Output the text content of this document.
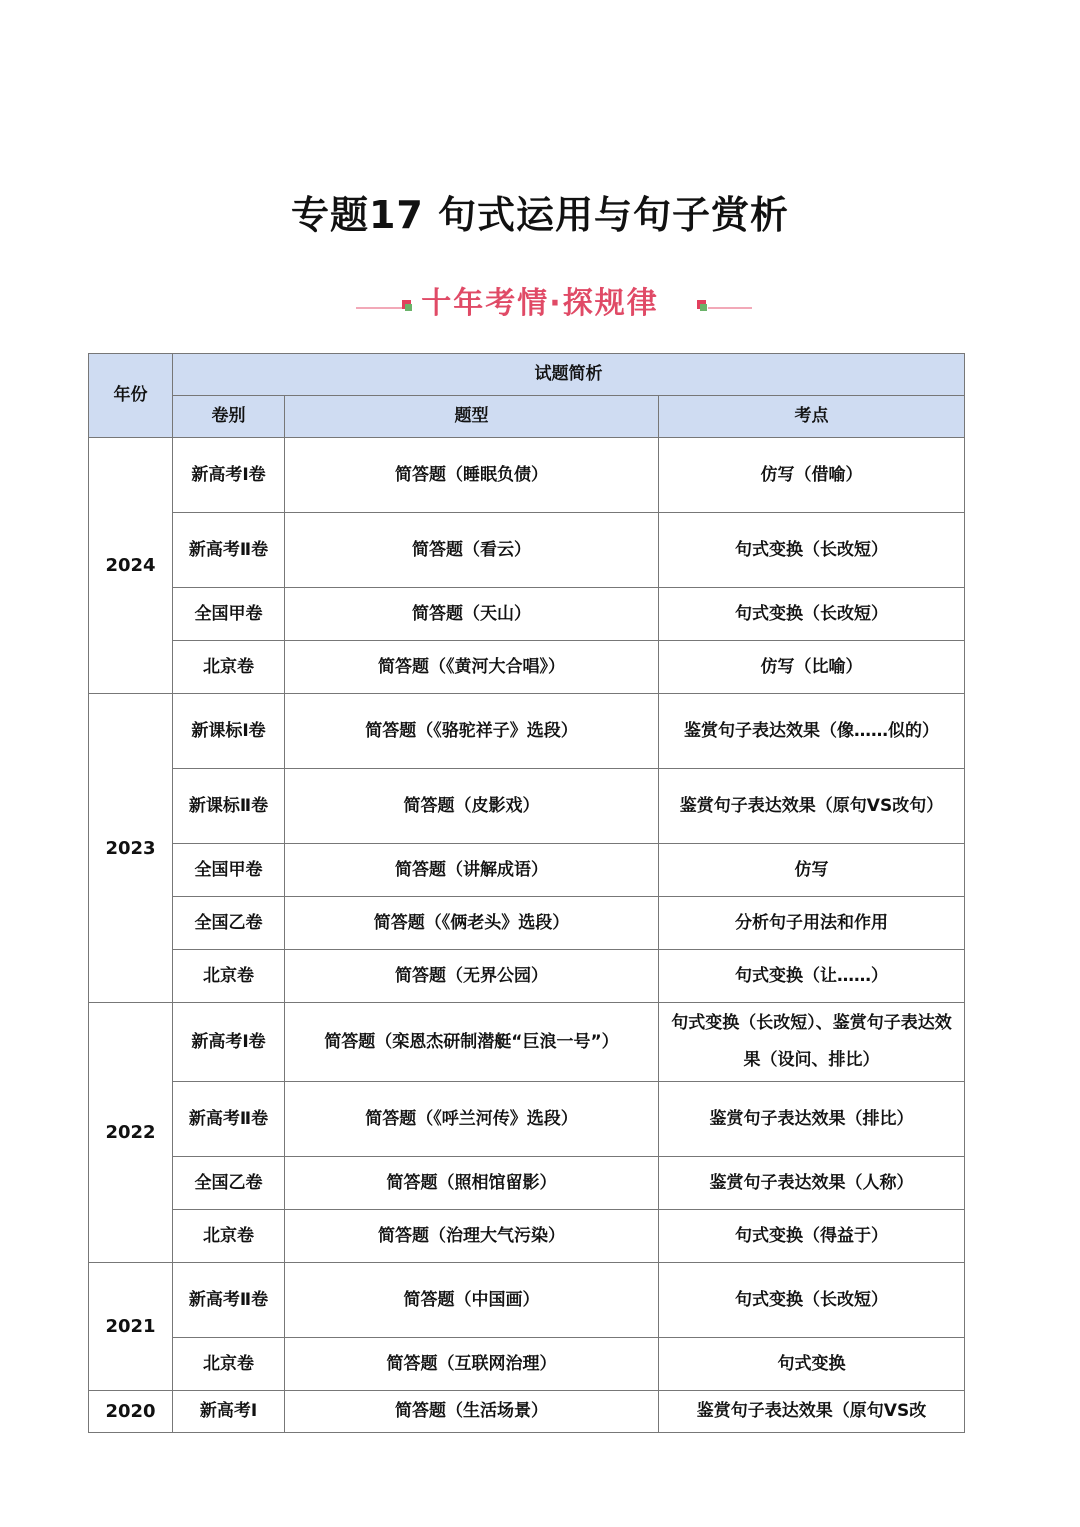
专题17 句式运用与句子赏析
十年考情·探规律
年份	试题简析		
	卷别	题型	考点
2024	新高考Ⅰ卷	简答题（睡眠负债）	仿写（借喻）
	新高考Ⅱ卷	简答题（看云）	句式变换（长改短）
	全国甲卷	简答题（天山）	句式变换（长改短）
	北京卷	简答题（《黄河大合唱》）	仿写（比喻）
2023	新课标Ⅰ卷	简答题（《骆驼祥子》选段）	鉴赏句子表达效果（像……似的）
	新课标Ⅱ卷	简答题（皮影戏）	鉴赏句子表达效果（原句VS改句）
	全国甲卷	简答题（讲解成语）	仿写
	全国乙卷	简答题（《俩老头》选段）	分析句子用法和作用
	北京卷	简答题（无界公园）	句式变换（让……）
2022	新高考Ⅰ卷	简答题（栾恩杰研制潜艇“巨浪一号”）	句式变换（长改短）、鉴赏句子表达效果（设问、排比）
	新高考Ⅱ卷	简答题（《呼兰河传》选段）	鉴赏句子表达效果（排比）
	全国乙卷	简答题（照相馆留影）	鉴赏句子表达效果（人称）
	北京卷	简答题（治理大气污染）	句式变换（得益于）
2021	新高考Ⅱ卷	简答题（中国画）	句式变换（长改短）
	北京卷	简答题（互联网治理）	句式变换
2020	新高考Ⅰ	简答题（生活场景）	鉴赏句子表达效果（原句VS改
